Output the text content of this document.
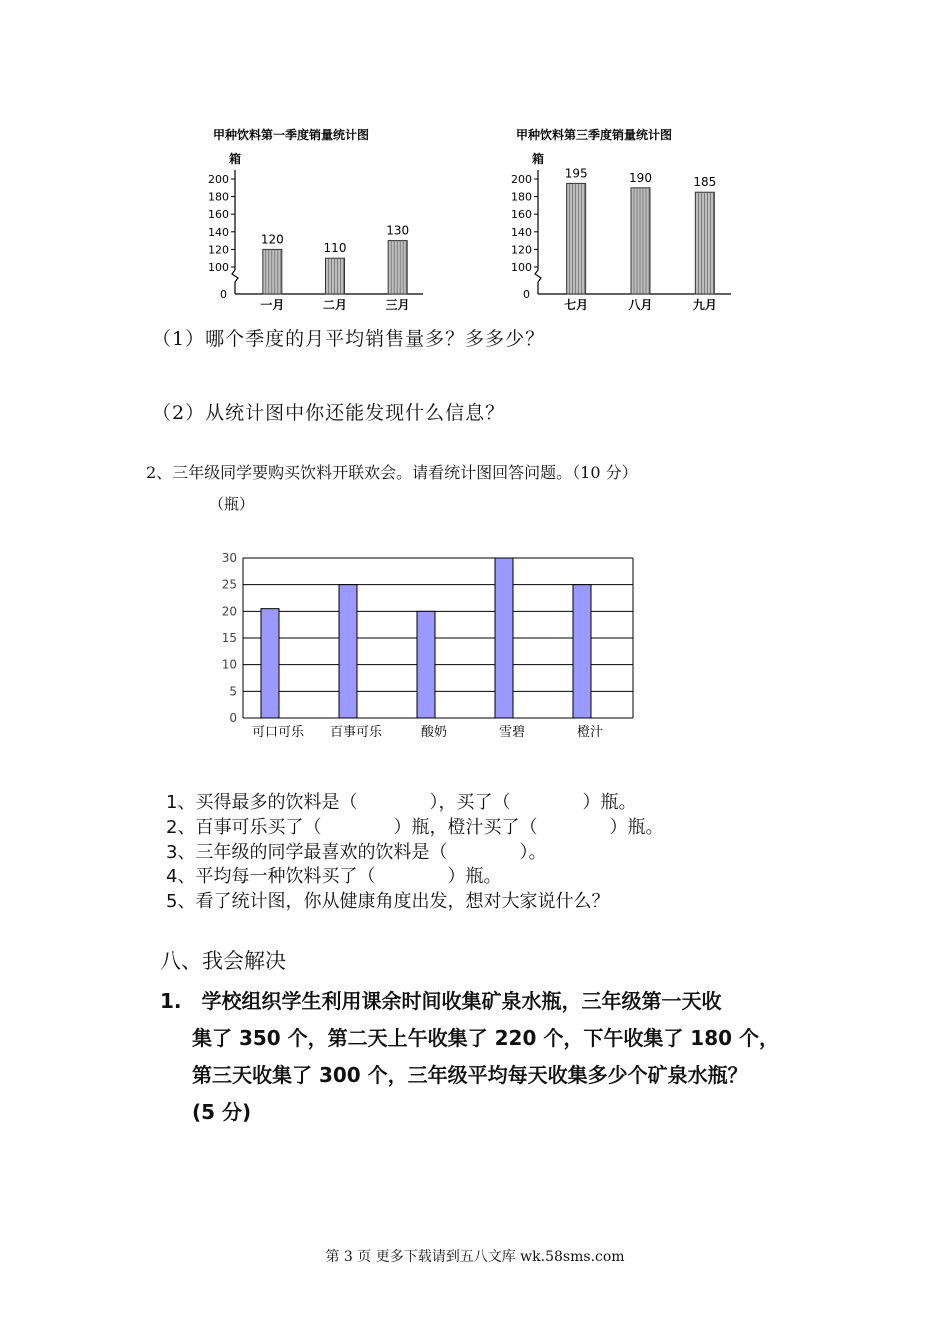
甲种饮料第一季度销量统计图
箱
200
180
160
140
120
100
0
120
一月
110
二月
130
三月
甲种饮料第三季度销量统计图
箱
200
180
160
140
120
100
0
195
七月
190
八月
185
九月
（1）哪个季度的月平均销售量多？多多少？
（2）从统计图中你还能发现什么信息？
2、三年级同学要购买饮料开联欢会。请看统计图回答问题。（10 分）
（瓶）
30
25
20
15
10
5
0
可口可乐 百事可乐	酸奶	雪碧	橙汁
1、买得最多的饮料是（　　　　），买了（　　　　）瓶。
2、百事可乐买了（　　　　）瓶，橙汁买了（　　　　）瓶。
3、三年级的同学最喜欢的饮料是（　　　　）。
4、平均每一种饮料买了（　　　　）瓶。
5、看了统计图，你从健康角度出发，想对大家说什么？
八、我会解决
1.　学校组织学生利用课余时间收集矿泉水瓶，三年级第一天收
集了 350 个，第二天上午收集了 220 个，下午收集了 180 个，
第三天收集了 300 个，三年级平均每天收集多少个矿泉水瓶？
(5 分)
第 3 页 更多下载请到五八文库 wk.58sms.com
